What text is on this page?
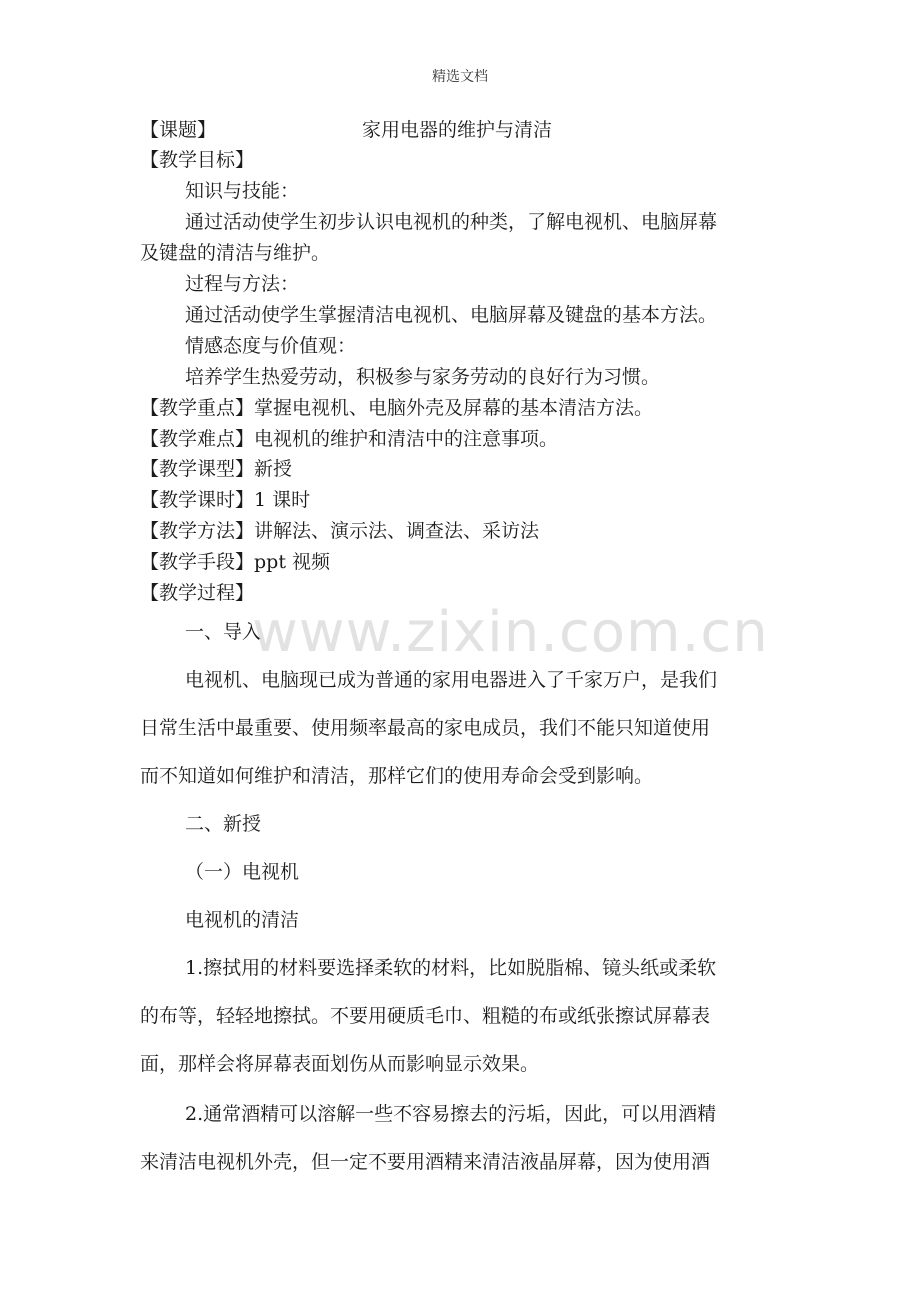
精选文档
【课题】	家用电器的维护与清洁
【教学目标】
知识与技能：
通过活动使学生初步认识电视机的种类，了解电视机、电脑屏幕
及键盘的清洁与维护。
过程与方法：
通过活动使学生掌握清洁电视机、电脑屏幕及键盘的基本方法。
情感态度与价值观：
培养学生热爱劳动，积极参与家务劳动的良好行为习惯。
【教学重点】掌握电视机、电脑外壳及屏幕的基本清洁方法。
【教学难点】电视机的维护和清洁中的注意事项。
【教学课型】新授
【教学课时】1 课时
【教学方法】讲解法、演示法、调查法、采访法
【教学手段】ppt 视频
【教学过程】
一、导入
电视机、电脑现已成为普通的家用电器进入了千家万户，是我们
日常生活中最重要、使用频率最高的家电成员，我们不能只知道使用
而不知道如何维护和清洁，那样它们的使用寿命会受到影响。
二、新授
（一）电视机
电视机的清洁
1.擦拭用的材料要选择柔软的材料，比如脱脂棉、镜头纸或柔软
的布等，轻轻地擦拭。不要用硬质毛巾、粗糙的布或纸张擦试屏幕表
面，那样会将屏幕表面划伤从而影响显示效果。
2.通常酒精可以溶解一些不容易擦去的污垢，因此，可以用酒精
来清洁电视机外壳，但一定不要用酒精来清洁液晶屏幕，因为使用酒
www.zixin.com.cn
